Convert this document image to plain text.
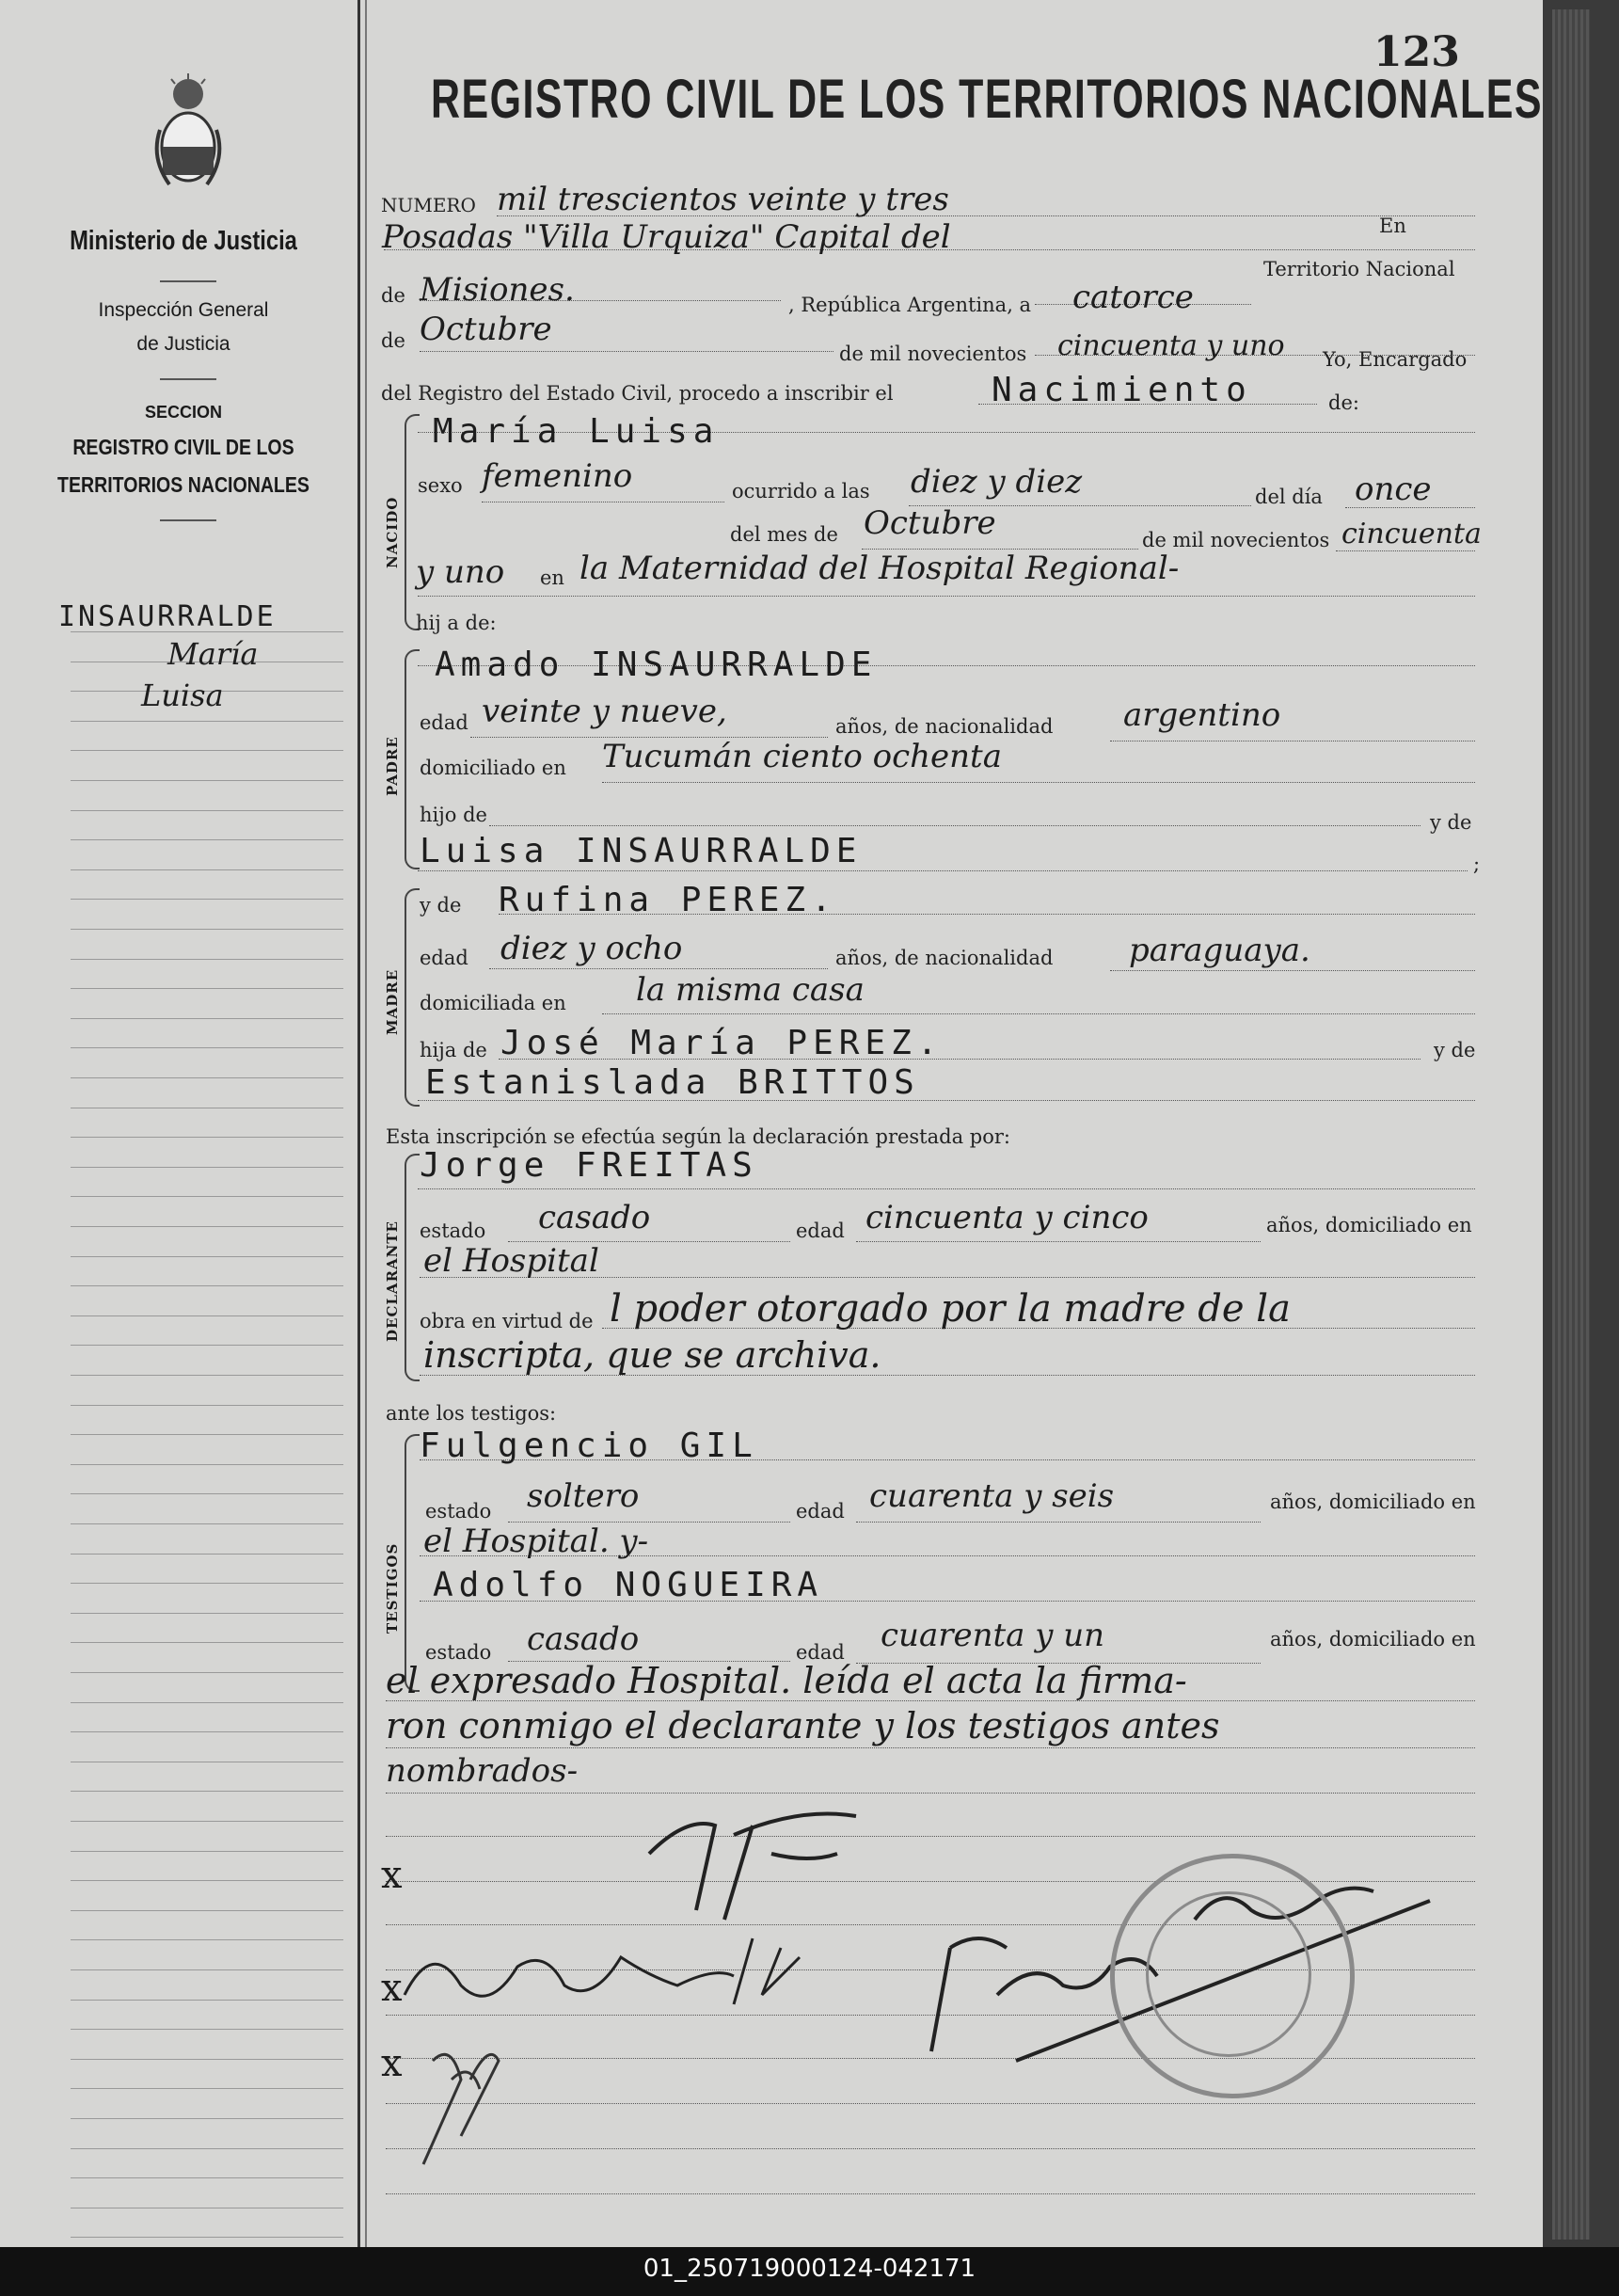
Ministerio de Justicia
Inspección General
de Justicia
SECCION
REGISTRO CIVIL DE LOS
TERRITORIOS NACIONALES
INSAURRALDE
María
Luisa
123
REGISTRO CIVIL DE LOS TERRITORIOS NACIONALES
NUMERO mil trescientos veinte y tres
En
Posadas "Villa Urquiza" Capital del
Territorio Nacional
de Misiones.	, República Argentina, a catorce
de Octubre
de mil novecientos cincuenta y uno Yo, Encargado
del Registro del Estado Civil, procedo a inscribir el	Nacimiento	de:
NACIDO
María Luisa
sexo femenino	ocurrido a las diez y diez	del día once
del mes de Octubre	de mil novecientos cincuenta
y uno en la Maternidad del Hospital Regional-
hij a de:
PADRE
Amado INSAURRALDE
edad veinte y nueve,	años, de nacionalidad argentino
domiciliado en Tucumán ciento ochenta
hijo de	y de
Luisa INSAURRALDE	;
MADRE
y de Rufina PEREZ.
edad diez y ocho	años, de nacionalidad paraguaya.
domiciliada en la misma casa
hija de José María PEREZ.	y de
Estanislada BRITTOS
Esta inscripción se efectúa según la declaración prestada por:
DECLARANTE
Jorge FREITAS
estado casado	edad cincuenta y cinco	años, domiciliado en
el Hospital
obra en virtud de l poder otorgado por la madre de la
inscripta, que se archiva.
ante los testigos:
TESTIGOS
Fulgencio GIL
estado soltero	edad cuarenta y seis	años, domiciliado en
el Hospital. y-
Adolfo NOGUEIRA
estado casado	edad cuarenta y un	años, domiciliado en
el expresado Hospital. leída el acta la firma-
ron conmigo el declarante y los testigos antes
nombrados-
x
x
x
01_250719000124-042171
